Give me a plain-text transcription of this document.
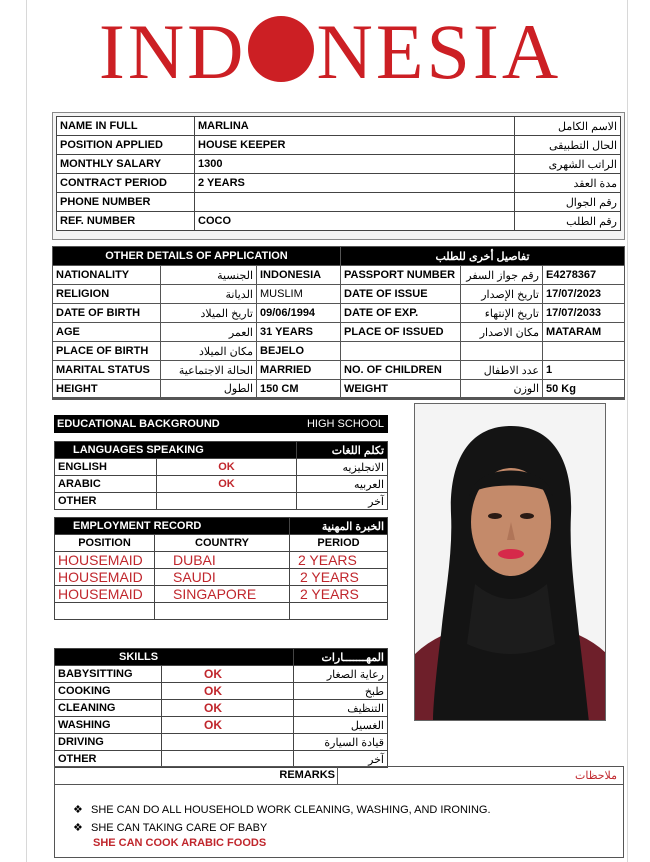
IND NESIA
NAME IN FULL	MARLINA	الاسم الكامل
POSITION APPLIED	HOUSE KEEPER	الحال التطبيقى
MONTHLY SALARY	1300	الراتب الشهرى
CONTRACT PERIOD	2 YEARS	مدة العقد
PHONE NUMBER		رقم الجوال
REF. NUMBER	COCO	رقم الطلب
OTHER DETAILS OF APPLICATION			تفاصيل أخرى للطلب		
NATIONALITY	الجنسية	INDONESIA	PASSPORT NUMBER	رقم جواز السفر	E4278367
RELIGION	الديانة	MUSLIM	DATE OF ISSUE	تاريخ الإصدار	17/07/2023
DATE OF BIRTH	تاريخ الميلاد	09/06/1994	DATE OF EXP.	تاريخ الإنتهاء	17/07/2033
AGE	العمر	31 YEARS	PLACE OF ISSUED	مكان الاصدار	MATARAM
PLACE OF BIRTH	مكان الميلاد	BEJELO			
MARITAL STATUS	الحالة الاجتماعية	MARRIED	NO. OF CHILDREN	عدد الاطفال	1
HEIGHT	الطول	150 CM	WEIGHT	الوزن	50 Kg
EDUCATIONAL BACKGROUND	HIGH SCHOOL
LANGUAGES SPEAKING		تكلم اللغات
ENGLISH	OK	الانجليزيه
ARABIC	OK	العربيه
OTHER		آخر
EMPLOYMENT RECORD		الخبرة المهنية
POSITION	COUNTRY	PERIOD
HOUSEMAID	DUBAI	2 YEARS
HOUSEMAID	SAUDI	2 YEARS
HOUSEMAID	SINGAPORE	2 YEARS

SKILLS		المهـــــــارات
BABYSITTING	OK	رعاية الصغار
COOKING	OK	طبخ
CLEANING	OK	التنظيف
WASHING	OK	الغسيل
DRIVING		قيادة السيارة
OTHER		آخر
REMARKS	ملاحظات
❖ SHE CAN DO ALL HOUSEHOLD WORK CLEANING, WASHING, AND IRONING.
❖ SHE CAN TAKING CARE OF BABY
SHE CAN COOK ARABIC FOODS
